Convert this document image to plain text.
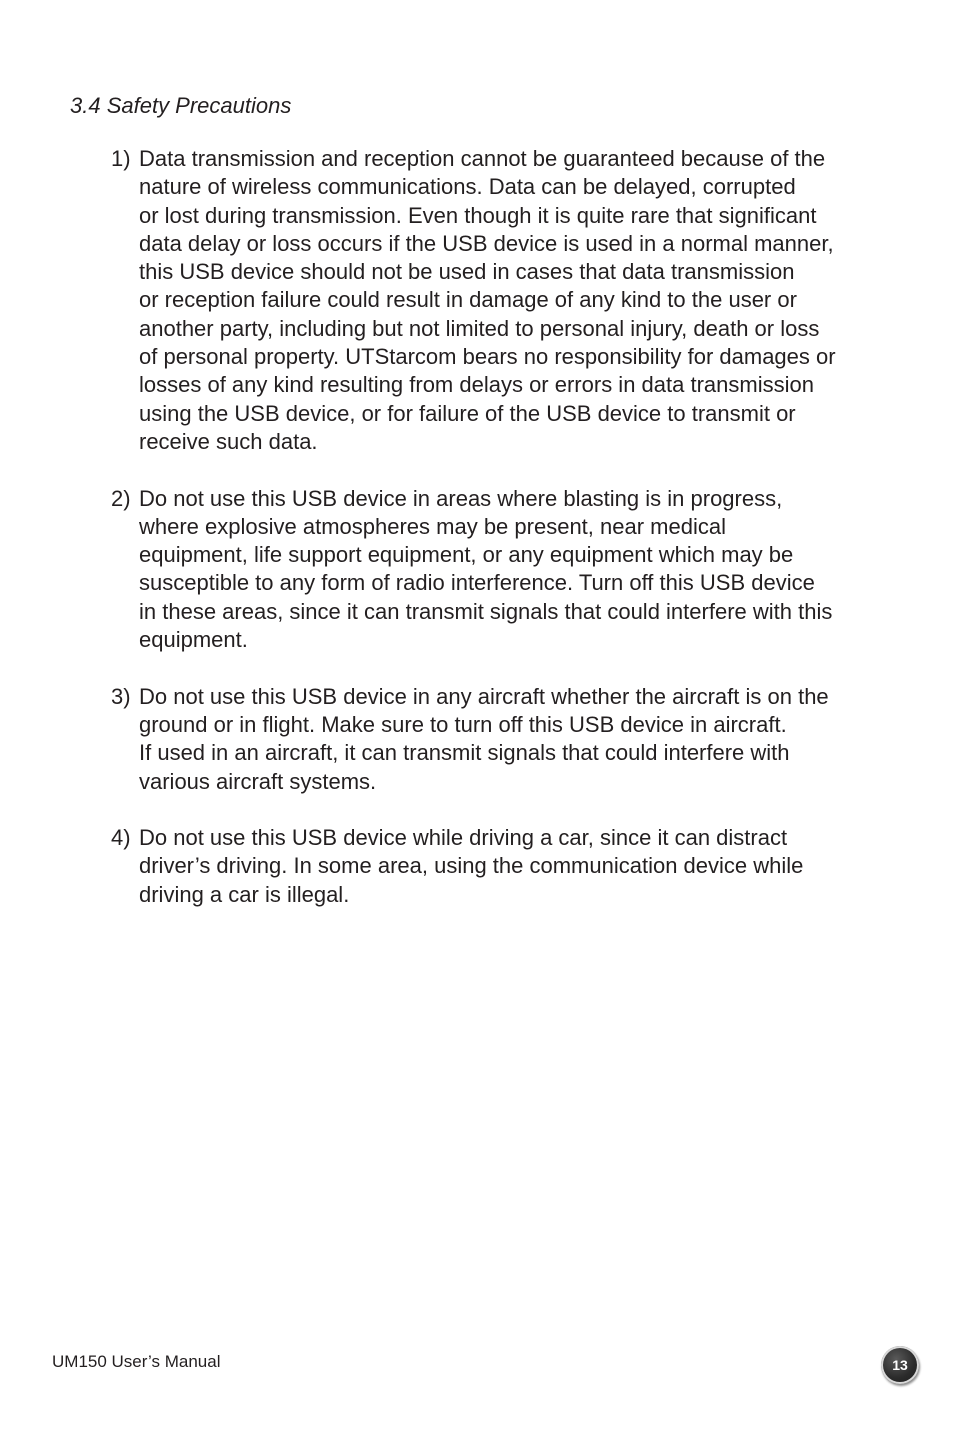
3.4 Safety Precautions
1) Data transmission and reception cannot be guaranteed because of the
nature of wireless communications. Data can be delayed, corrupted
or lost during transmission. Even though it is quite rare that significant
data delay or loss occurs if the USB device is used in a normal manner,
this USB device should not be used in cases that data transmission
or reception failure could result in damage of any kind to the user or
another party, including but not limited to personal injury, death or loss
of personal property. UTStarcom bears no responsibility for damages or
losses of any kind resulting from delays or errors in data transmission
using the USB device, or for failure of the USB device to transmit or
receive such data.

2) Do not use this USB device in areas where blasting is in progress,
where explosive atmospheres may be present, near medical
equipment, life support equipment, or any equipment which may be
susceptible to any form of radio interference. Turn off this USB device
in these areas, since it can transmit signals that could interfere with this
equipment.

3) Do not use this USB device in any aircraft whether the aircraft is on the
ground or in flight. Make sure to turn off this USB device in aircraft.
If used in an aircraft, it can transmit signals that could interfere with
various aircraft systems.

4) Do not use this USB device while driving a car, since it can distract
driver’s driving. In some area, using the communication device while
driving a car is illegal.

UM150 User’s Manual	13
